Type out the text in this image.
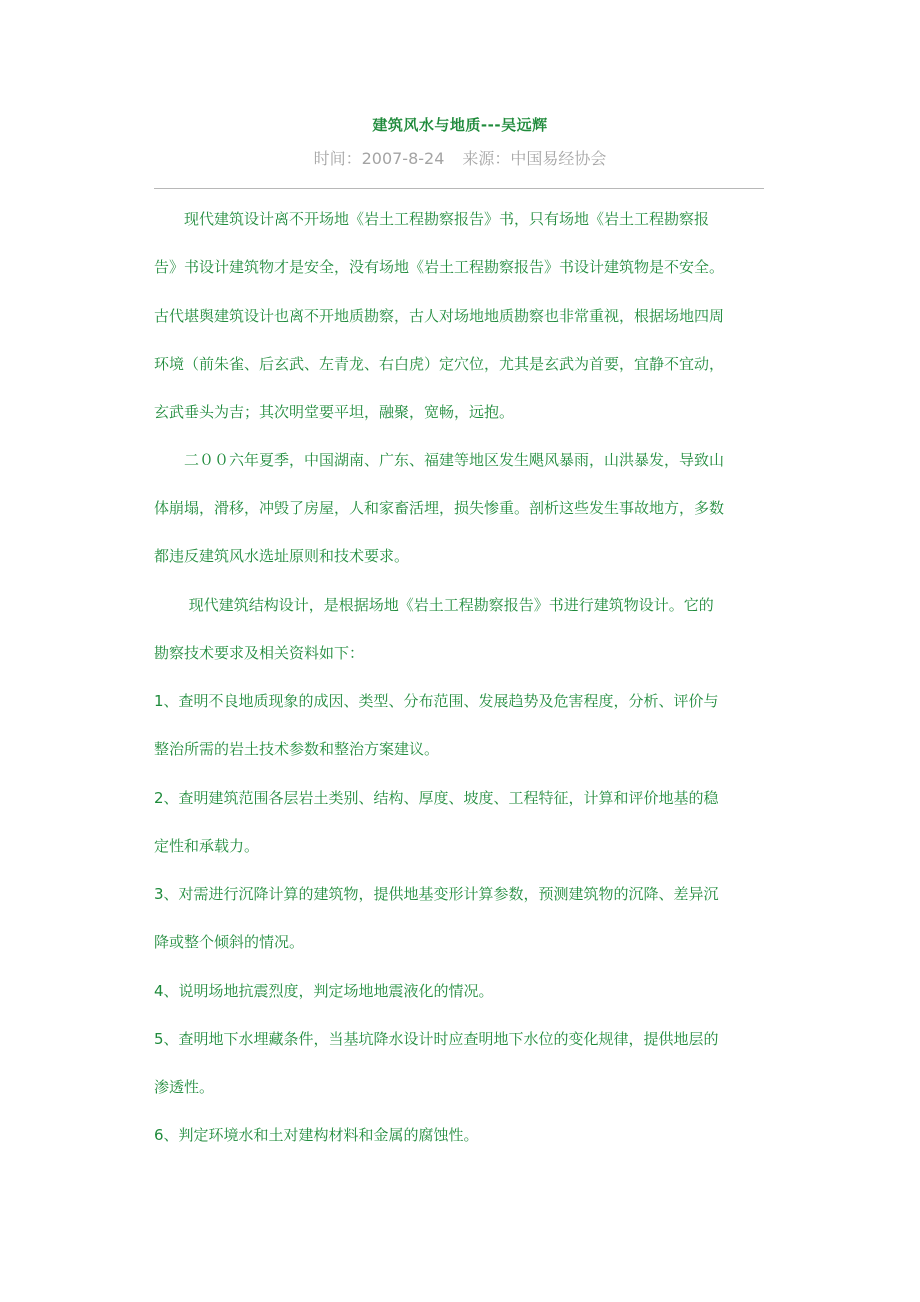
建筑风水与地质---吴远辉
时间：2007-8-24 来源：中国易经协会
　　现代建筑设计离不开场地《岩土工程勘察报告》书，只有场地《岩土工程勘察报
告》书设计建筑物才是安全，没有场地《岩土工程勘察报告》书设计建筑物是不安全。
古代堪舆建筑设计也离不开地质勘察，古人对场地地质勘察也非常重视，根据场地四周
环境（前朱雀、后玄武、左青龙、右白虎）定穴位，尤其是玄武为首要，宜静不宜动，
玄武垂头为吉；其次明堂要平坦，融聚，宽畅，远抱。
　　二００六年夏季，中国湖南、广东、福建等地区发生飓风暴雨，山洪暴发，导致山
体崩塌，滑移，冲毁了房屋，人和家畜活埋，损失惨重。剖析这些发生事故地方，多数
都违反建筑风水选址原则和技术要求。
　　 现代建筑结构设计，是根据场地《岩土工程勘察报告》书进行建筑物设计。它的
勘察技术要求及相关资料如下：
1、查明不良地质现象的成因、类型、分布范围、发展趋势及危害程度，分析、评价与
整治所需的岩土技术参数和整治方案建议。
2、查明建筑范围各层岩土类别、结构、厚度、坡度、工程特征，计算和评价地基的稳
定性和承载力。
3、对需进行沉降计算的建筑物，提供地基变形计算参数，预测建筑物的沉降、差异沉
降或整个倾斜的情况。
4、说明场地抗震烈度，判定场地地震液化的情况。
5、查明地下水埋藏条件，当基坑降水设计时应查明地下水位的变化规律，提供地层的
渗透性。
6、判定环境水和土对建构材料和金属的腐蚀性。
